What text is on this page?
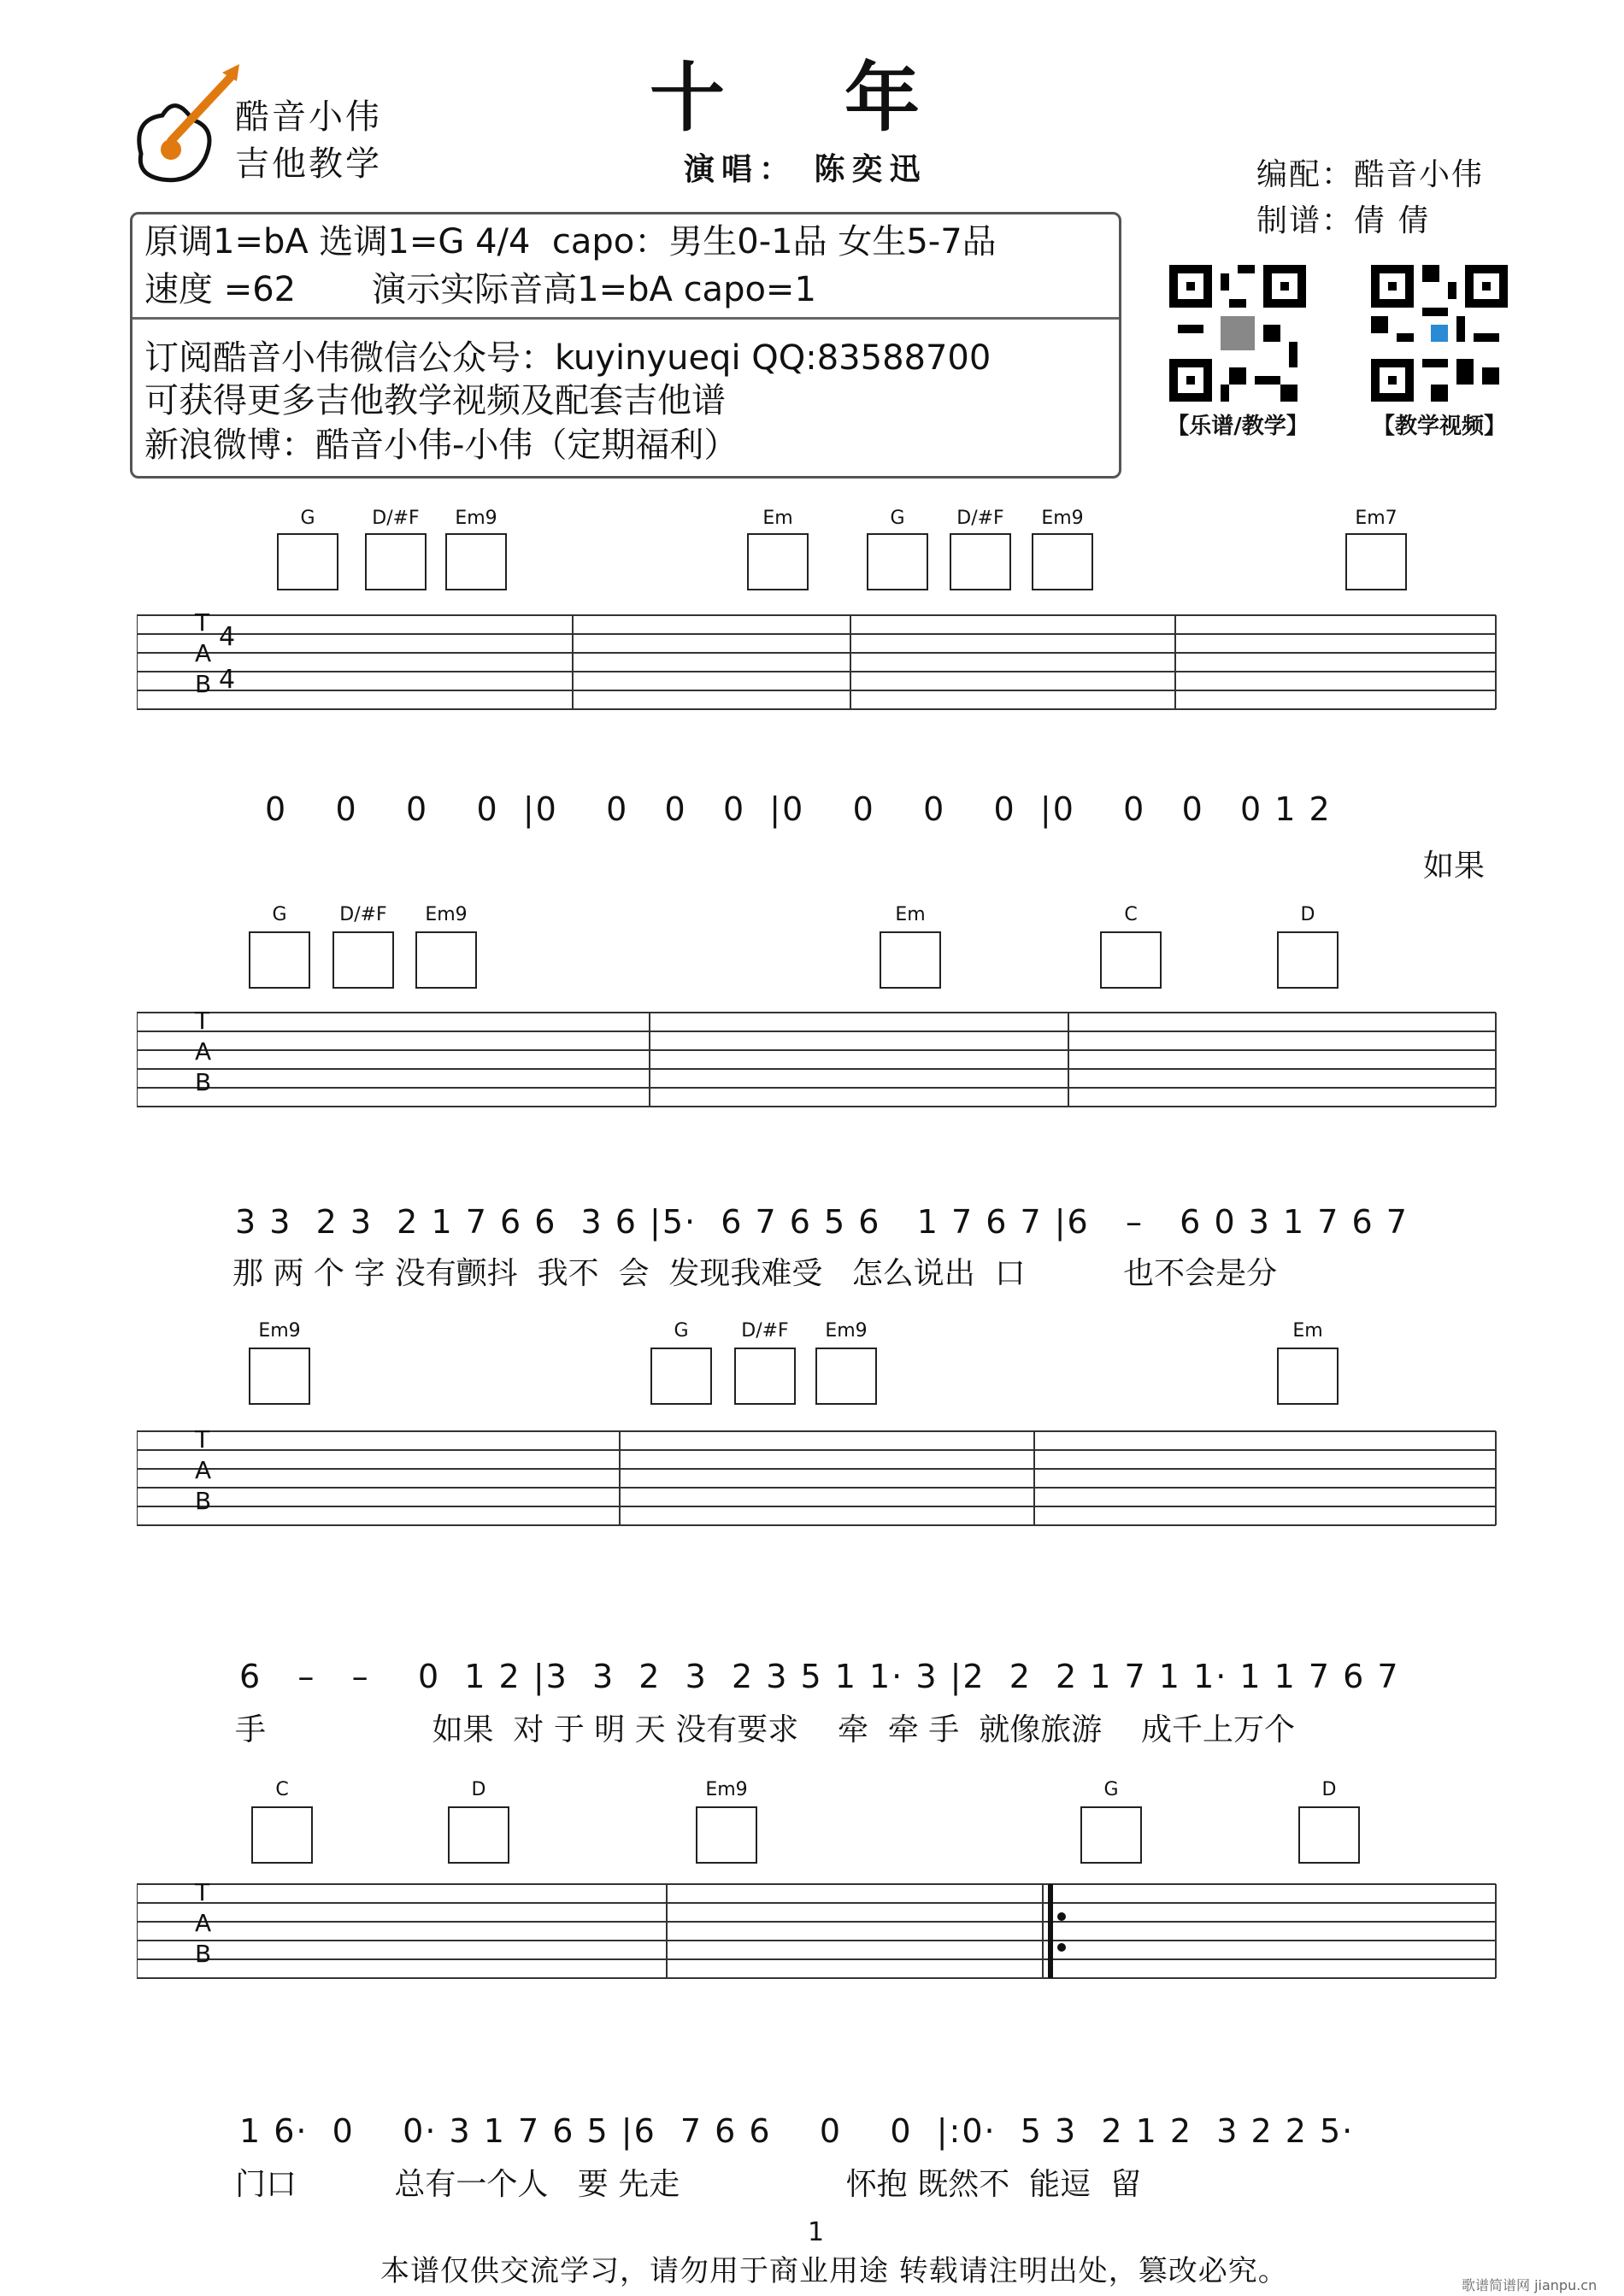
酷音小伟
吉他教学
十年
演唱： 陈奕迅	编配：酷音小伟
制谱：倩 倩
原调1=bA 选调1=G 4/4  capo：男生0-1品 女生5-7品
速度 =62       演示实际音高1=bA capo=1
订阅酷音小伟微信公众号：kuyinyueqi QQ:83588700
可获得更多吉他教学视频及配套吉他谱
新浪微博：酷音小伟-小伟（定期福利）	【乐谱/教学】	【教学视频】
G	D/#F	Em9	Em	G	D/#F	Em9	Em7
T
A
B
4
4
0    0    0    0  |0    0   0   0  |0    0    0    0  |0    0   0   0 1 2
如果
G	D/#F	Em9	Em	C	D
T
A
B
3 3  2 3  2 1 7 6 6  3 6 |5·  6 7 6 5 6   1 7 6 7 |6   –   6 0 3 1 7 6 7
那 两 个 字 没有颤抖  我不  会  发现我难受   怎么说出  口          也不会是分
Em9	G	D/#F	Em9	Em
T
A
B
6   –   –    0  1 2 |3  3  2  3  2 3 5 1 1· 3 |2  2  2 1 7 1 1· 1 1 7 6 7
手                 如果  对 于 明 天 没有要求    牵  牵 手  就像旅游    成千上万个
C	D	Em9	G	D
T
A
B
1 6·  0    0· 3 1 7 6 5 |6  7 6 6    0    0  |:0·  5 3  2 1 2  3 2 2 5·
门口          总有一个人   要 先走                 怀抱 既然不  能逗  留
1
本谱仅供交流学习，请勿用于商业用途 转载请注明出处，篡改必究。	歌谱简谱网 jianpu.cn
